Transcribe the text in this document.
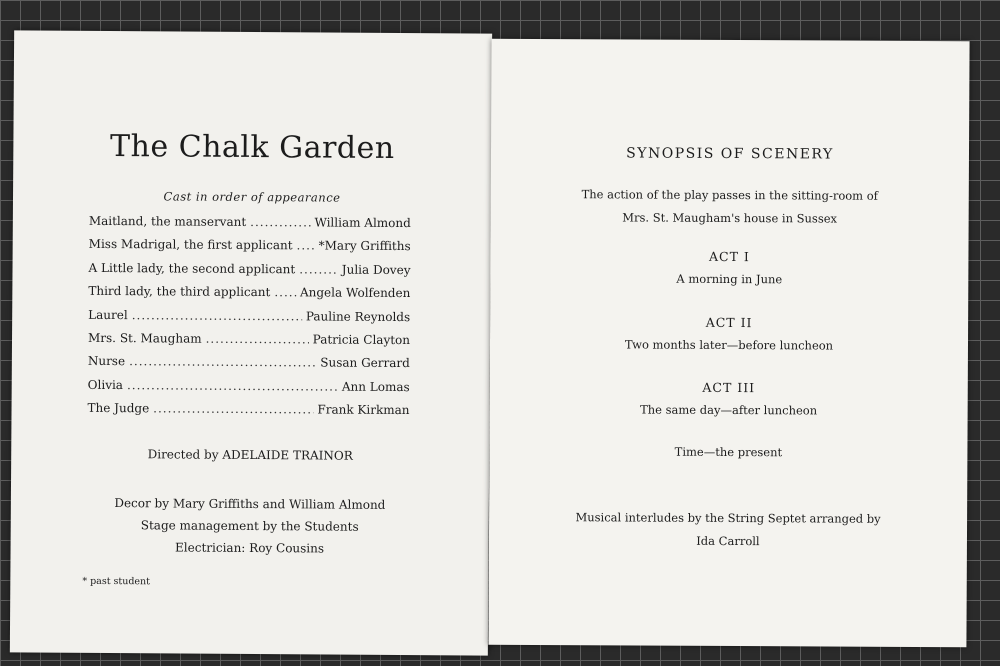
The Chalk Garden
Cast in order of appearance
Maitland, the manservant .....	William Almond
Miss Madrigal, the first applicant ..... *Mary Griffiths
A Little lady, the second applicant .....	Julia Dovey
Third lady, the third applicant ..... Angela Wolfenden
Laurel .....	Pauline Reynolds
Mrs. St. Maugham .....	Patricia Clayton
Nurse .....	Susan Gerrard
Olivia .....	Ann Lomas
The Judge .....	Frank Kirkman
Directed by ADELAIDE TRAINOR
Decor by Mary Griffiths and William Almond
Stage management by the Students
Electrician: Roy Cousins
* past student
SYNOPSIS OF SCENERY
The action of the play passes in the sitting-room of
Mrs. St. Maugham's house in Sussex
ACT I
A morning in June
ACT II
Two months later—before luncheon
ACT III
The same day—after luncheon
Time—the present
Musical interludes by the String Septet arranged by
Ida Carroll
